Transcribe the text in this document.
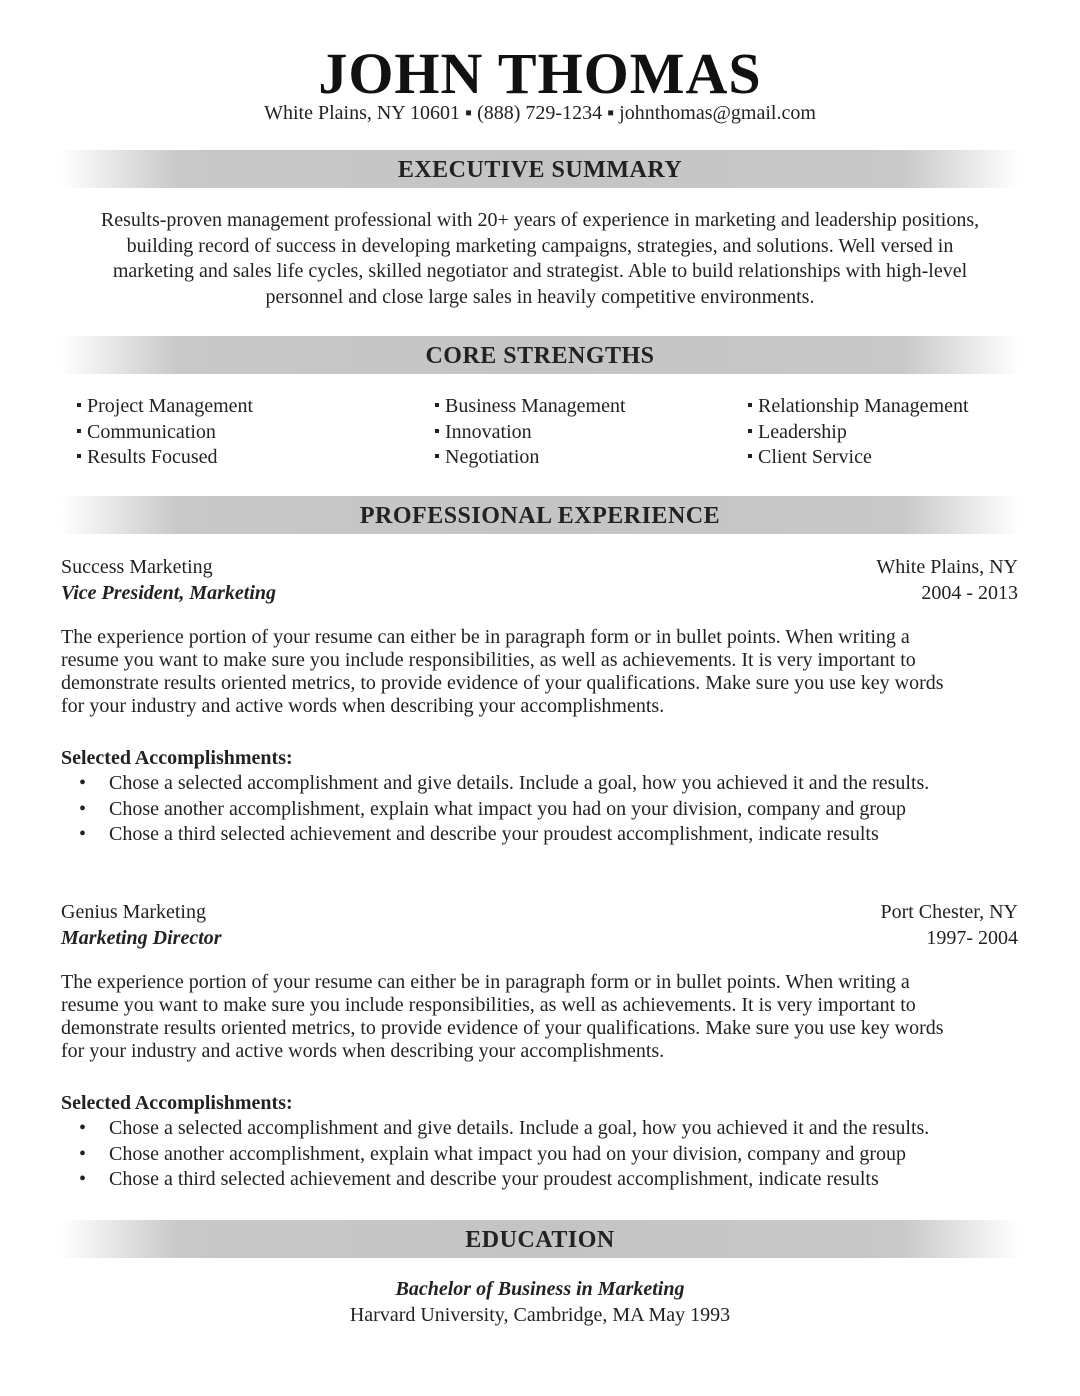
JOHN THOMAS
White Plains, NY 10601 ▪ (888) 729-1234 ▪ johnthomas@gmail.com
EXECUTIVE SUMMARY
Results-proven management professional with 20+ years of experience in marketing and leadership positions,
building record of success in developing marketing campaigns, strategies, and solutions. Well versed in
marketing and sales life cycles, skilled negotiator and strategist. Able to build relationships with high-level
personnel and close large sales in heavily competitive environments.
CORE STRENGTHS
Project Management
Communication
Results Focused
Business Management
Innovation
Negotiation
Relationship Management
Leadership
Client Service
PROFESSIONAL EXPERIENCE
Success Marketing	White Plains, NY
Vice President, Marketing	2004 - 2013
The experience portion of your resume can either be in paragraph form or in bullet points. When writing a
resume you want to make sure you include responsibilities, as well as achievements. It is very important to
demonstrate results oriented metrics, to provide evidence of your qualifications. Make sure you use key words
for your industry and active words when describing your accomplishments.
Selected Accomplishments:
• Chose a selected accomplishment and give details. Include a goal, how you achieved it and the results.
• Chose another accomplishment, explain what impact you had on your division, company and group
• Chose a third selected achievement and describe your proudest accomplishment, indicate results
Genius Marketing	Port Chester, NY
Marketing Director	1997- 2004
The experience portion of your resume can either be in paragraph form or in bullet points. When writing a
resume you want to make sure you include responsibilities, as well as achievements. It is very important to
demonstrate results oriented metrics, to provide evidence of your qualifications. Make sure you use key words
for your industry and active words when describing your accomplishments.
Selected Accomplishments:
• Chose a selected accomplishment and give details. Include a goal, how you achieved it and the results.
• Chose another accomplishment, explain what impact you had on your division, company and group
• Chose a third selected achievement and describe your proudest accomplishment, indicate results
EDUCATION
Bachelor of Business in Marketing
Harvard University, Cambridge, MA May 1993
